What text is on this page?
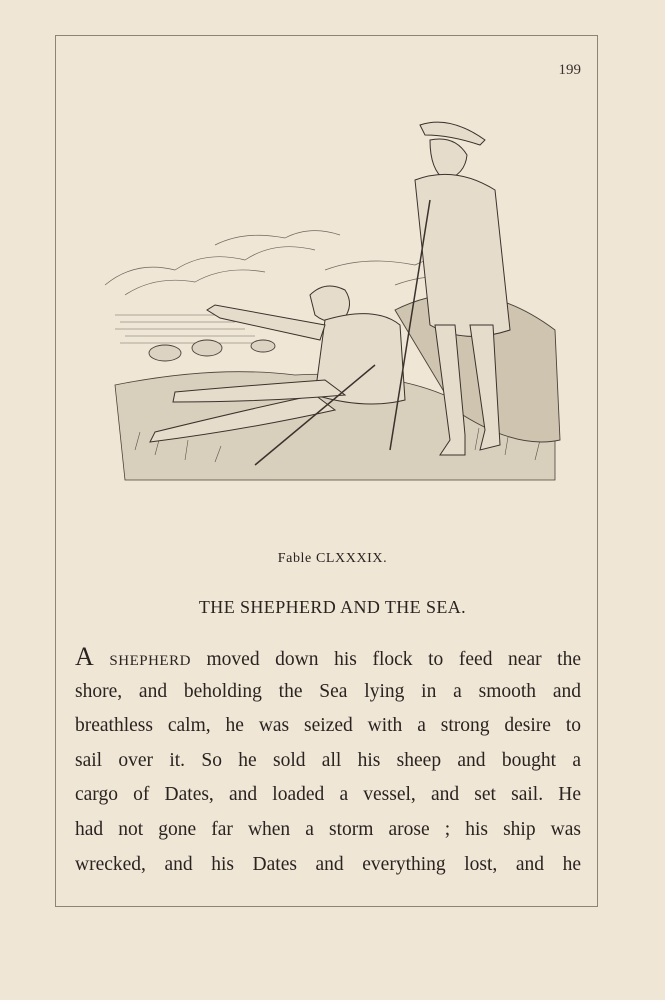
199
Fable CLXXXIX.
THE SHEPHERD AND THE SEA.
A SHEPHERD moved down his flock to feed near the
shore, and beholding the Sea lying in a smooth and
breathless calm, he was seized with a strong desire to
sail over it. So he sold all his sheep and bought a
cargo of Dates, and loaded a vessel, and set sail. He
had not gone far when a storm arose ; his ship was
wrecked, and his Dates and everything lost, and he
